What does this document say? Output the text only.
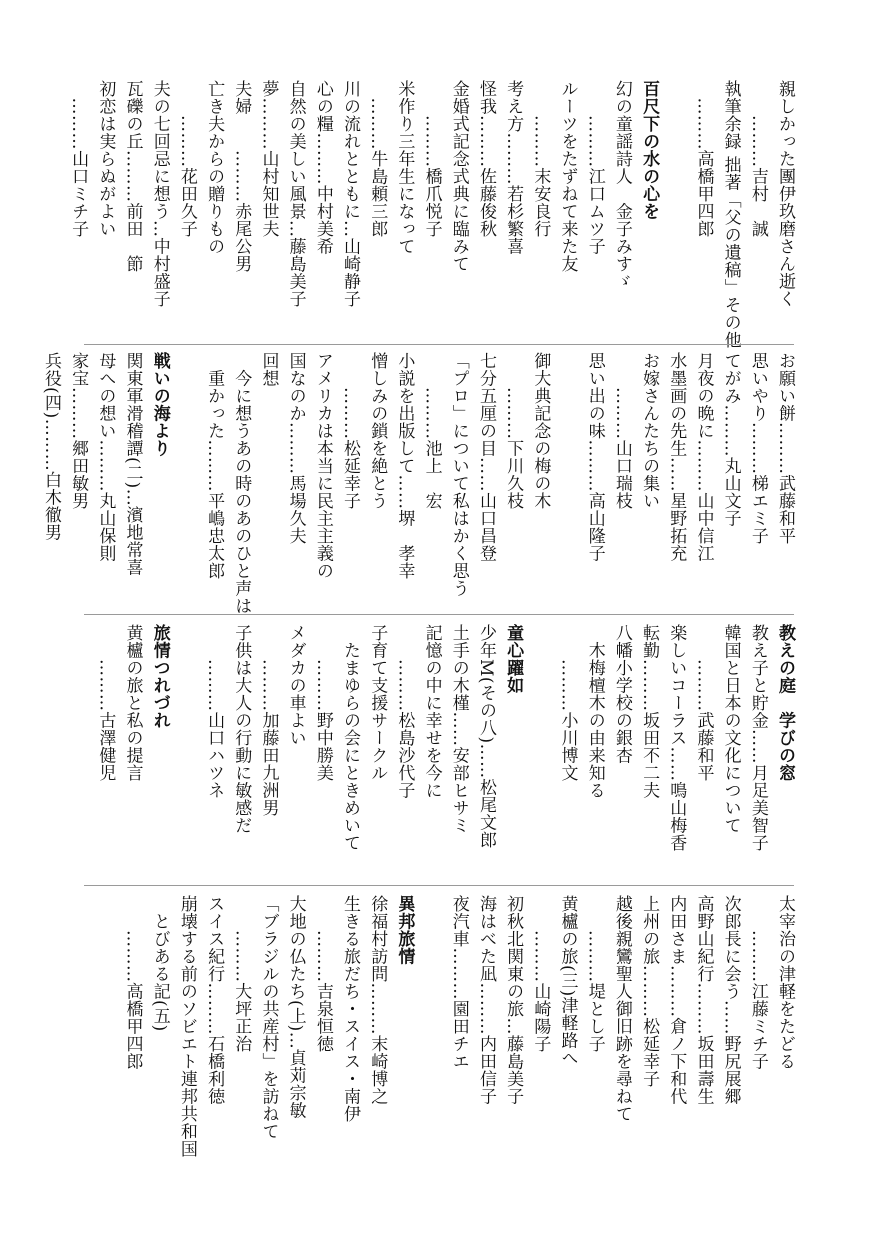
親しかった團伊玖磨さん逝く
　　………吉村　誠
執筆余録 拙著「父の遺稿」その他
　………高橋甲四郎
百尺下の水の心を
幻の童謡詩人　金子みすゞ
　　………江口ムツ子
ルーツをたずねて来た友
　　………末安良行
考え方………若杉繁喜
怪我………佐藤俊秋
金婚式記念式典に臨みて
　　………橋爪悦子
米作り三年生になって
　………牛島頼三郎
川の流れとともに…山崎静子
心の糧………中村美希
自然の美しい風景…藤島美子
夢………山村知世夫
夫婦　　………赤尾公男
亡き夫からの贈りもの
　　………花田久子
夫の七回忌に想う…中村盛子
瓦礫の丘………前田　節
初恋は実らぬがよい
　………山口ミチ子
お願い餅………武藤和平
思いやり………梯エミ子
てがみ………丸山文子
月夜の晩に………山中信江
水墨画の先生……星野拓充
お嫁さんたちの集い
　　………山口瑞枝
思い出の味………高山隆子
御大典記念の梅の木
　　………下川久枝
七分五厘の目……山口昌登
「プロ」について私はかく思う
　　………池上　宏
小説を出版して……堺　孝幸
憎しみの鎖を絶とう
　　………松延幸子
アメリカは本当に民主主義の
国なのか………馬場久夫
回想
　今に想うあの時のあのひと声は
　重かった………平嶋忠太郎
戦いの海より
関東軍滑稽譚(二)…濱地常喜
母への想い………丸山保則
家宝………郷田敏男
兵役(四)………白木徹男
教えの庭　学びの窓
教え子と貯金……月足美智子
韓国と日本の文化について
　　………武藤和平
楽しいコーラス……鳴山梅香
転勤………坂田不二夫
八幡小学校の銀杏
　木梅檀木の由来知る
　　………小川博文
童心躍如
少年M(その八)……松尾文郎
土手の木槿……安部ヒサミ
記憶の中に幸せを今に
　　………松島沙代子
子育て支援サークル
　たまゆらの会にときめいて
　　………野中勝美
メダカの車よい
　　………加藤田九洲男
子供は大人の行動に敏感だ
　　………山口ハツネ
旅情つれづれ
黄櫨の旅と私の提言
　　………古澤健児
太宰治の津軽をたどる
　　………江藤ミチ子
次郎長に会う……野尻展郷
高野山紀行………坂田壽生
内田さま………倉ノ下和代
上州の旅………松延幸子
越後親鸞聖人御旧跡を尋ねて
　　………堤とし子
黄櫨の旅(三)津軽路へ
　　………山崎陽子
初秋北関東の旅…藤島美子
海はべた凪………内田信子
夜汽車………園田チエ
異邦旅情
徐福村訪問………末崎博之
生きる旅だち・スイス・南伊
　　………吉泉恒徳
大地の仏たち(上)…貞苅宗敏
「ブラジルの共産村」を訪ねて
　　………大坪正治
スイス紀行………石橋利徳
崩壊する前のソビエト連邦共和国
　とびある記(五)
　　………高橋甲四郎
